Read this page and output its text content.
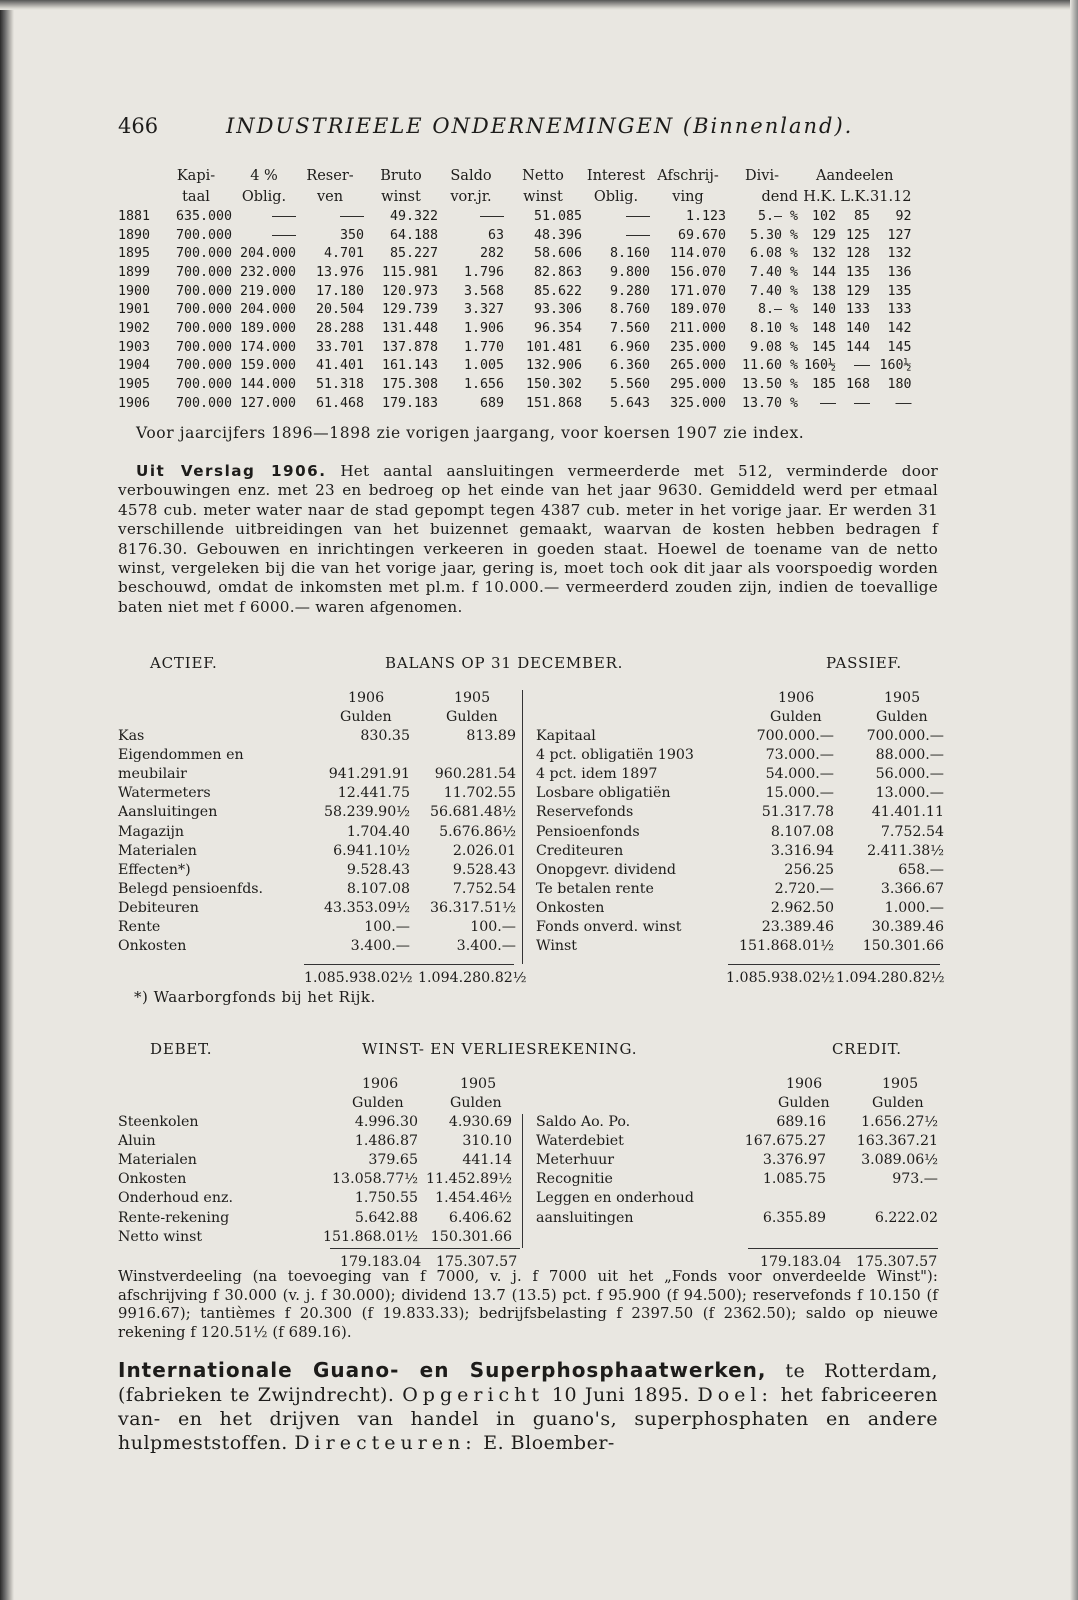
466	INDUSTRIEELE ONDERNEMINGEN (Binnenland).
	Kapi-	4 %	Reser-	Bruto	Saldo	Netto	Interest	Afschrij-	Divi-	Aandeelen		
	taal	Oblig.	ven	winst	vor.jr.	winst	Oblig.	ving	dend	H.K.	L.K.	31.12
1881	635.000	———	———	49.322	———	51.085	———	1.123	5.— %	102	85	92
1890	700.000	———	350	64.188	63	48.396	———	69.670	5.30 %	129	125	127
1895	700.000	204.000	4.701	85.227	282	58.606	8.160	114.070	6.08 %	132	128	132
1899	700.000	232.000	13.976	115.981	1.796	82.863	9.800	156.070	7.40 %	144	135	136
1900	700.000	219.000	17.180	120.973	3.568	85.622	9.280	171.070	7.40 %	138	129	135
1901	700.000	204.000	20.504	129.739	3.327	93.306	8.760	189.070	8.— %	140	133	133
1902	700.000	189.000	28.288	131.448	1.906	96.354	7.560	211.000	8.10 %	148	140	142
1903	700.000	174.000	33.701	137.878	1.770	101.481	6.960	235.000	9.08 %	145	144	145
1904	700.000	159.000	41.401	161.143	1.005	132.906	6.360	265.000	11.60 %	160½	——	160½
1905	700.000	144.000	51.318	175.308	1.656	150.302	5.560	295.000	13.50 %	185	168	180
1906	700.000	127.000	61.468	179.183	689	151.868	5.643	325.000	13.70 %	——	——	——
Voor jaarcijfers 1896—1898 zie vorigen jaargang, voor koersen 1907 zie index.
Uit Verslag 1906. Het aantal aansluitingen vermeerderde met 512, verminderde door verbouwingen enz. met 23 en bedroeg op het einde van het jaar 9630. Gemiddeld werd per etmaal 4578 cub. meter water naar de stad gepompt tegen 4387 cub. meter in het vorige jaar. Er werden 31 verschillende uitbreidingen van het buizennet gemaakt, waarvan de kosten hebben bedragen f 8176.30. Gebouwen en inrichtingen verkeeren in goeden staat. Hoewel de toename van de netto winst, vergeleken bij die van het vorige jaar, gering is, moet toch ook dit jaar als voorspoedig worden beschouwd, omdat de inkomsten met pl.m. f 10.000.— vermeerderd zouden zijn, indien de toevallige baten niet met f 6000.— waren afgenomen.
ACTIEF.	BALANS OP 31 DECEMBER.	PASSIEF.
1906	1905	1906	1905
Gulden	Gulden	Gulden	Gulden
Kas	830.35	813.89
Eigendommen en
meubilair	941.291.91	960.281.54
Watermeters	12.441.75	11.702.55
Aansluitingen	58.239.90½	56.681.48½
Magazijn	1.704.40	5.676.86½
Materialen	6.941.10½	2.026.01
Effecten*)	9.528.43	9.528.43
Belegd pensioenfds.	8.107.08	7.752.54
Debiteuren	43.353.09½	36.317.51½
Rente	100.—	100.—
Onkosten	3.400.—	3.400.—
Kapitaal	700.000.—	700.000.—
4 pct. obligatiën 1903	73.000.—	88.000.—
4 pct. idem 1897	54.000.—	56.000.—
Losbare obligatiën	15.000.—	13.000.—
Reservefonds	51.317.78	41.401.11
Pensioenfonds	8.107.08	7.752.54
Crediteuren	3.316.94	2.411.38½
Onopgevr. dividend	256.25	658.—
Te betalen rente	2.720.—	3.366.67
Onkosten	2.962.50	1.000.—
Fonds onverd. winst	23.389.46	30.389.46
Winst	151.868.01½	150.301.66
1.085.938.02½ 1.094.280.82½	1.085.938.02½ 1.094.280.82½
*) Waarborgfonds bij het Rijk.
DEBET.	WINST- EN VERLIESREKENING.	CREDIT.
1906	1905	1906	1905
Gulden	Gulden	Gulden	Gulden
Steenkolen	4.996.30	4.930.69
Aluin	1.486.87	310.10
Materialen	379.65	441.14
Onkosten	13.058.77½ 11.452.89½
Onderhoud enz.	1.750.55	1.454.46½
Rente-rekening	5.642.88	6.406.62
Netto winst	151.868.01½ 150.301.66
Saldo Ao. Po.	689.16	1.656.27½
Waterdebiet	167.675.27	163.367.21
Meterhuur	3.376.97	3.089.06½
Recognitie	1.085.75	973.—
Leggen en onderhoud
aansluitingen	6.355.89	6.222.02
179.183.04 175.307.57	179.183.04 175.307.57
Winstverdeeling (na toevoeging van f 7000, v. j. f 7000 uit het „Fonds voor onverdeelde Winst"): afschrijving f 30.000 (v. j. f 30.000); dividend 13.7 (13.5) pct. f 95.900 (f 94.500); reservefonds f 10.150 (f 9916.67); tantièmes f 20.300 (f 19.833.33); bedrijfsbelasting f 2397.50 (f 2362.50); saldo op nieuwe rekening f 120.51½ (f 689.16).
Internationale Guano- en Superphosphaatwerken, te Rotterdam, (fabrieken te Zwijndrecht). Opgericht 10 Juni 1895. Doel: het fabriceeren van- en het drijven van handel in guano's, superphosphaten en andere hulpmeststoffen. Directeuren: E. Bloember-
